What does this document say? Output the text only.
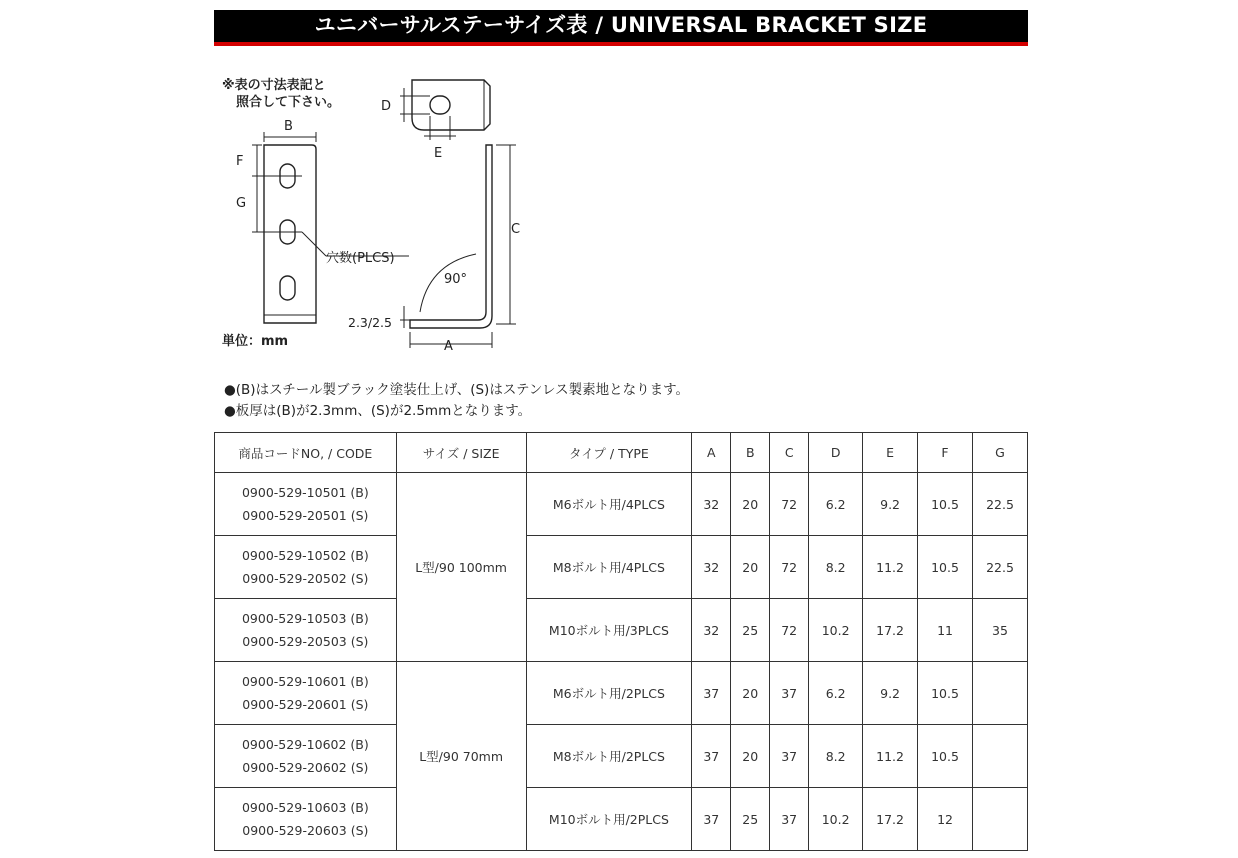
ユニバーサルステーサイズ表 / UNIVERSAL BRACKET SIZE
※表の寸法表記と
照合して下さい。
B
F
G
穴数(PLCS)
D
E
C
A
90°
2.3/2.5
単位：mm
●(B)はスチール製ブラック塗装仕上げ、(S)はステンレス製素地となります。
●板厚は(B)が2.3mm、(S)が2.5mmとなります。
商品コードNO, / CODE	サイズ / SIZE	タイプ / TYPE	A	B	C	D	E	F	G

0900-529-10501 (B)
0900-529-20501 (S)	L型/90 100mm	M6ボルト用/4PLCS	32	20	72	6.2	9.2	10.5	22.5

0900-529-10502 (B)
0900-529-20502 (S)		M8ボルト用/4PLCS	32	20	72	8.2	11.2	10.5	22.5

0900-529-10503 (B)
0900-529-20503 (S)		M10ボルト用/3PLCS	32	25	72	10.2	17.2	11	35

0900-529-10601 (B)
0900-529-20601 (S)	L型/90 70mm	M6ボルト用/2PLCS	37	20	37	6.2	9.2	10.5	

0900-529-10602 (B)
0900-529-20602 (S)		M8ボルト用/2PLCS	37	20	37	8.2	11.2	10.5	

0900-529-10603 (B)
0900-529-20603 (S)		M10ボルト用/2PLCS	37	25	37	10.2	17.2	12	
